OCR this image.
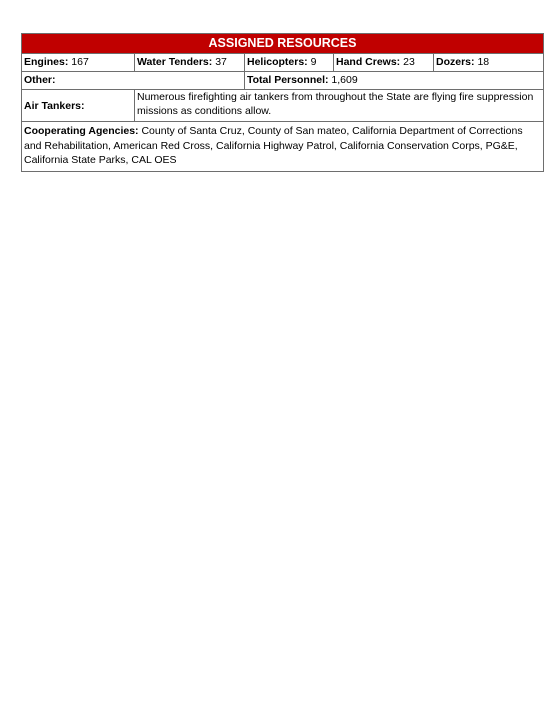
ASSIGNED RESOURCES
Engines: 167	Water Tenders: 37	Helicopters: 9	Hand Crews: 23	Dozers: 18
Other:	Total Personnel: 1,609
Air Tankers:
Numerous firefighting air tankers from throughout the State are flying fire suppression missions as conditions allow.
Cooperating Agencies: County of Santa Cruz, County of San mateo, California Department of Corrections and Rehabilitation, American Red Cross, California Highway Patrol, California Conservation Corps, PG&E, California State Parks, CAL OES
